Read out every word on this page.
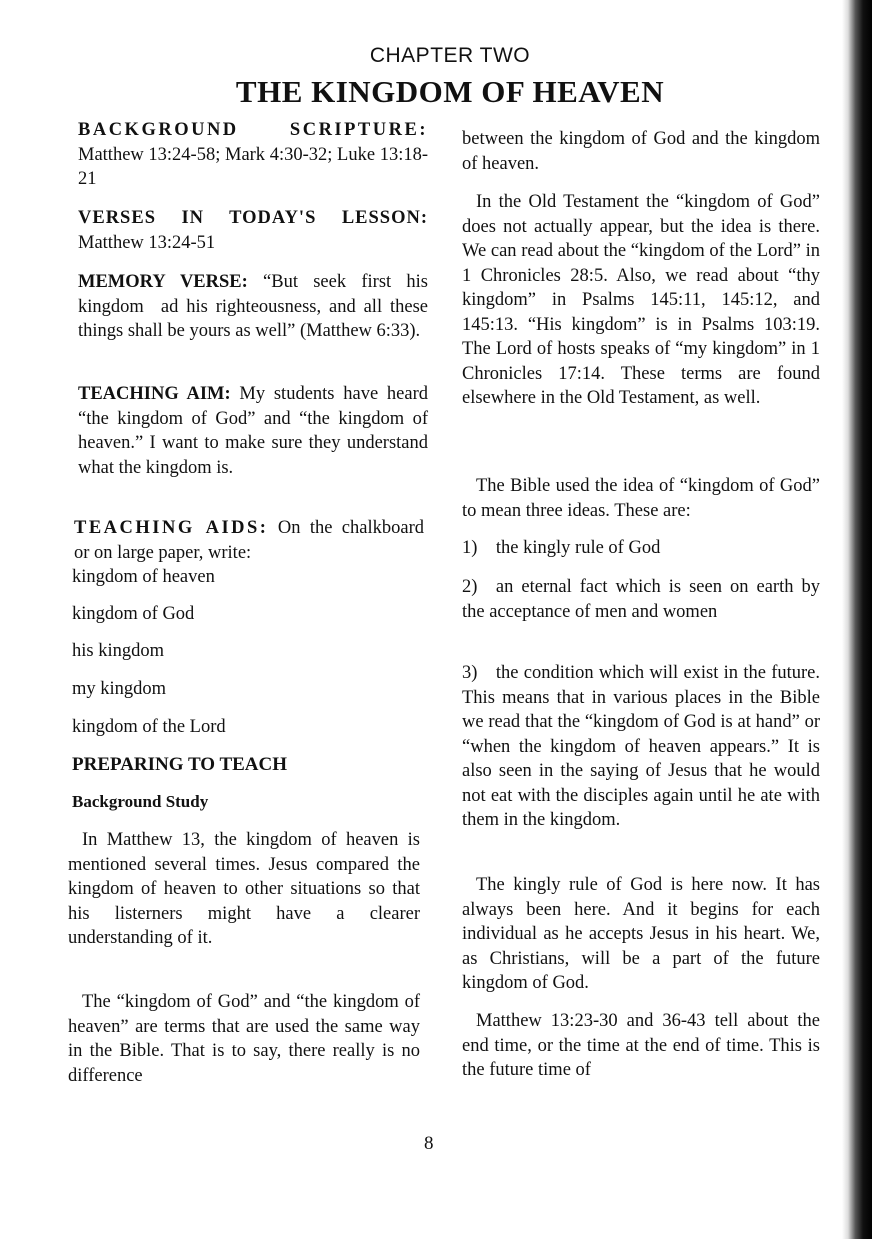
CHAPTER TWO
THE KINGDOM OF HEAVEN
BACKGROUND SCRIPTURE: Matthew 13:24-58; Mark 4:30-32; Luke 13:18-21
VERSES IN TODAY'S LESSON: Matthew 13:24-51
MEMORY VERSE: “But seek first his kingdom  ad his righteousness, and all these things shall be yours as well” (Matthew 6:33).
TEACHING AIM: My students have heard “the kingdom of God” and “the kingdom of heaven.” I want to make sure they understand what the kingdom is.
TEACHING AIDS: On the chalkboard or on large paper, write:
kingdom of heaven
kingdom of God
his kingdom
my kingdom
kingdom of the Lord
PREPARING TO TEACH
Background Study
In Matthew 13, the kingdom of heaven is mentioned several times. Jesus compared the kingdom of heaven to other situations so that his listerners might have a clearer understanding of it.
The “kingdom of God” and “the kingdom of heaven” are terms that are used the same way in the Bible. That is to say, there really is no difference
between the kingdom of God and the kingdom of heaven.
In the Old Testament the “kingdom of God” does not actually appear, but the idea is there. We can read about the “kingdom of the Lord” in 1 Chronicles 28:5. Also, we read about “thy kingdom” in Psalms 145:11, 145:12, and 145:13. “His kingdom” is in Psalms 103:19. The Lord of hosts speaks of “my kingdom” in 1 Chronicles 17:14. These terms are found elsewhere in the Old Testament, as well.
The Bible used the idea of “kingdom of God” to mean three ideas. These are:
1) the kingly rule of God
2) an eternal fact which is seen on earth by the acceptance of men and women
3) the condition which will exist in the future. This means that in various places in the Bible we read that the “kingdom of God is at hand” or “when the kingdom of heaven appears.” It is also seen in the saying of Jesus that he would not eat with the disciples again until he ate with them in the kingdom.
The kingly rule of God is here now. It has always been here. And it begins for each individual as he accepts Jesus in his heart. We, as Christians, will be a part of the future kingdom of God.
Matthew 13:23-30 and 36-43 tell about the end time, or the time at the end of time. This is the future time of
8
